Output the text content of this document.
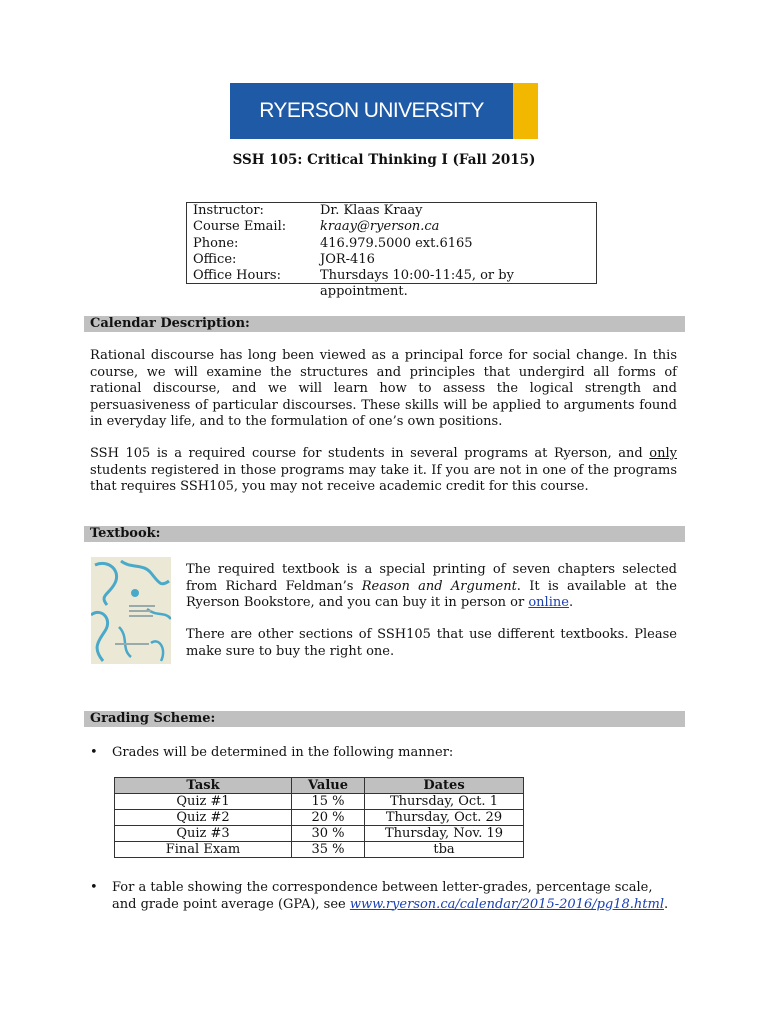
RYERSON UNIVERSITY
SSH 105: Critical Thinking I (Fall 2015)
Instructor:	Dr. Klaas Kraay
Course Email:	kraay@ryerson.ca
Phone:	416.979.5000 ext.6165
Office:	JOR-416
Office Hours:	Thursdays 10:00-11:45, or by appointment.
Calendar Description:

Rational discourse has long been viewed as a principal force for social change. In this course, we will examine the structures and principles that undergird all forms of rational discourse, and we will learn how to assess the logical strength and persuasiveness of particular discourses. These skills will be applied to arguments found in everyday life, and to the formulation of one’s own positions.

SSH 105 is a required course for students in several programs at Ryerson, and only students registered in those programs may take it. If you are not in one of the programs that requires SSH105, you may not receive academic credit for this course.

Textbook:

The required textbook is a special printing of seven chapters selected from Richard Feldman’s Reason and Argument. It is available at the Ryerson Bookstore, and you can buy it in person or online.

There are other sections of SSH105 that use different textbooks. Please make sure to buy the right one.

Grading Scheme:
• Grades will be determined in the following manner:
Task	Value	Dates
Quiz #1	15 %	Thursday, Oct. 1
Quiz #2	20 %	Thursday, Oct. 29
Quiz #3	30 %	Thursday, Nov. 19
Final Exam	35 %	tba
• For a table showing the correspondence between letter-grades, percentage scale, and grade point average (GPA), see www.ryerson.ca/calendar/2015-2016/pg18.html.
